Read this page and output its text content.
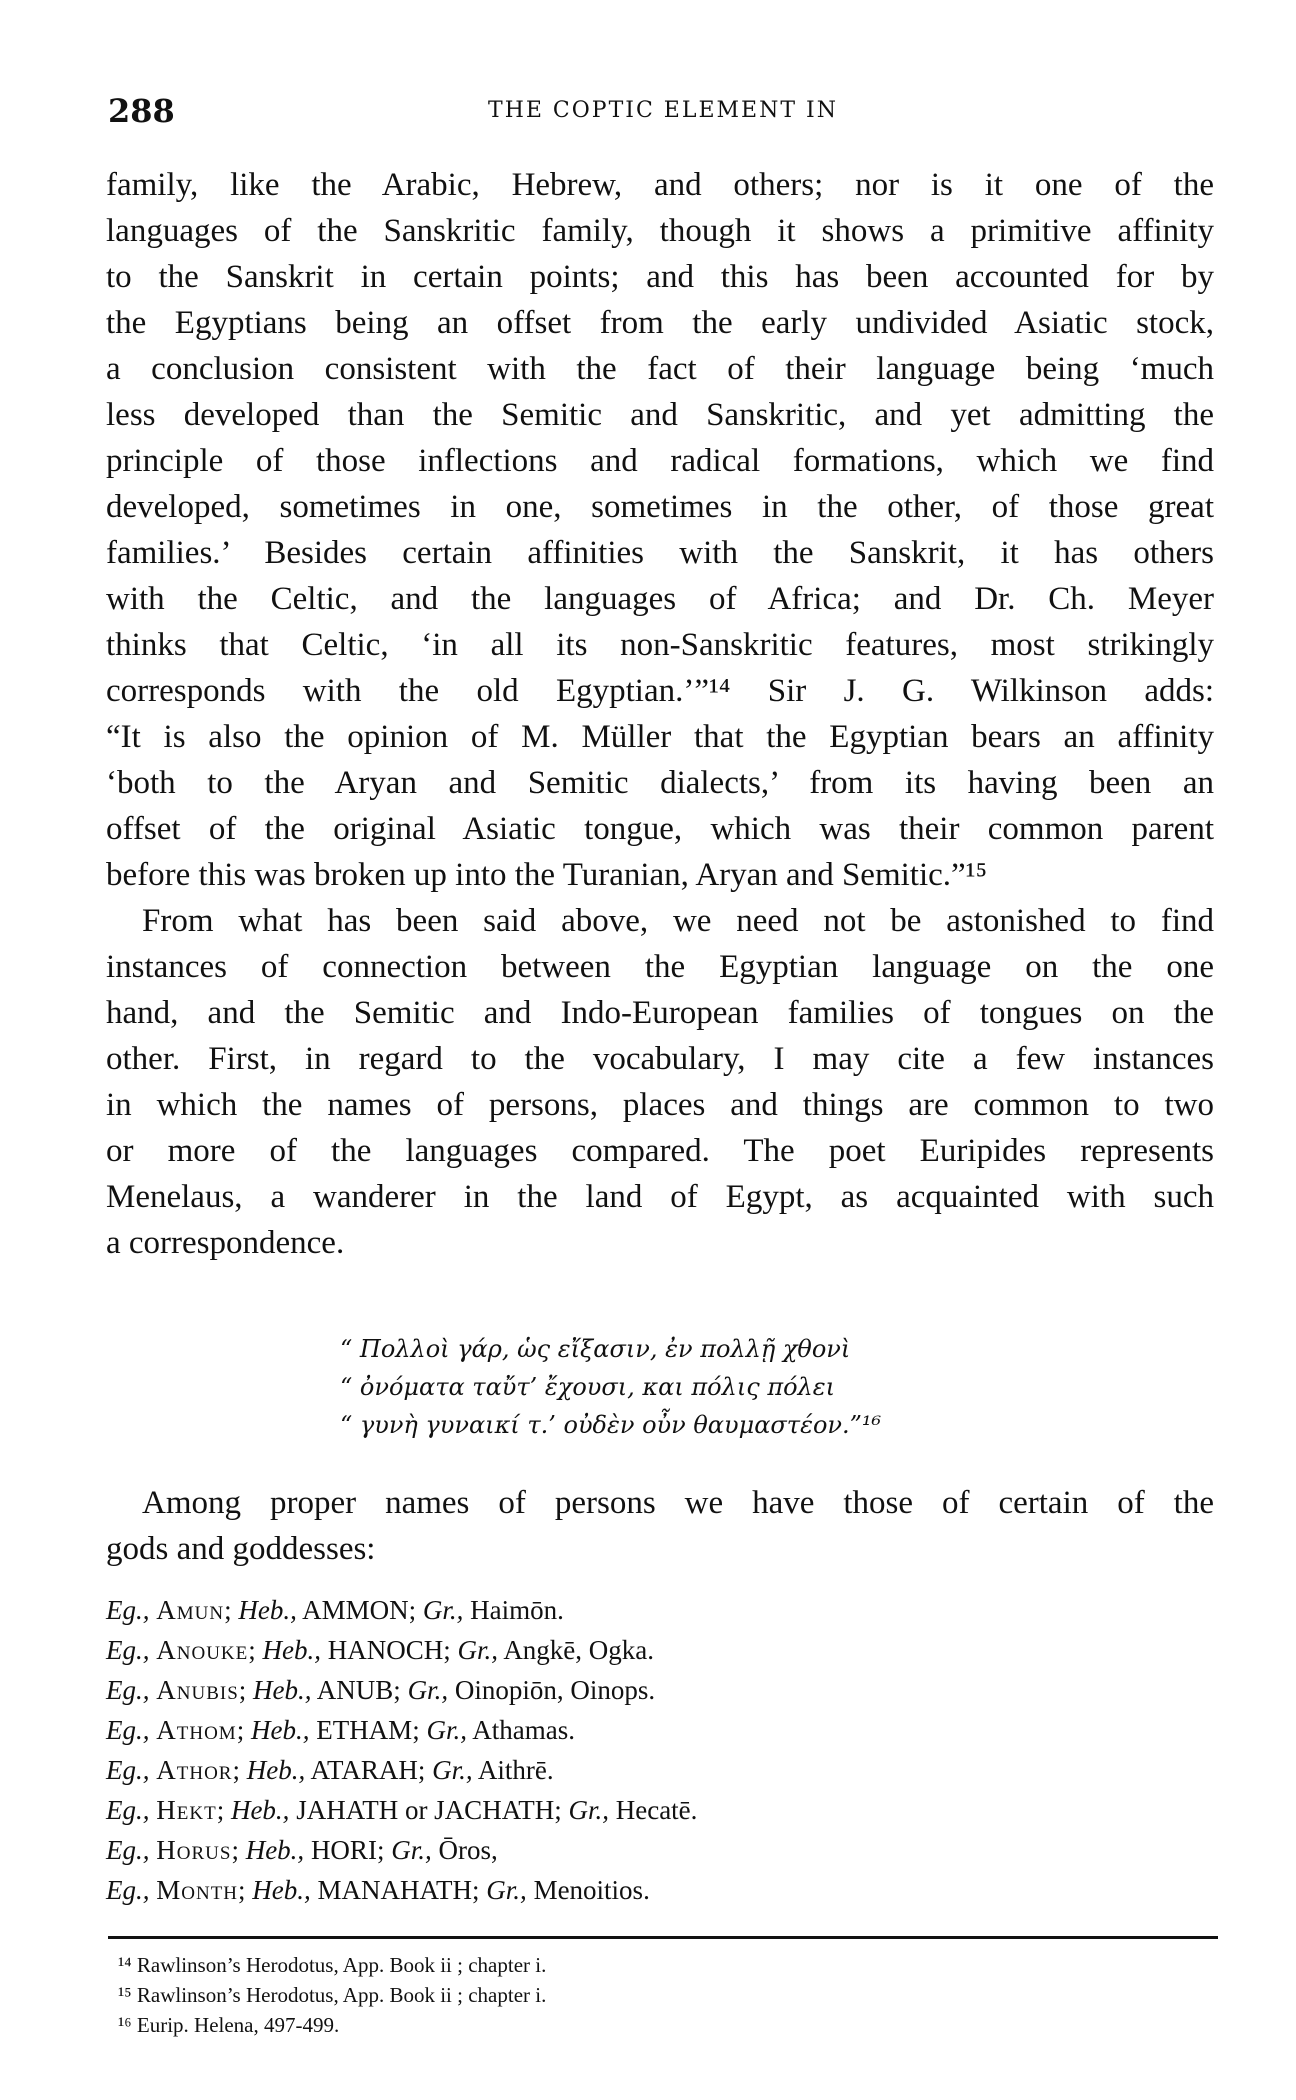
288	THE COPTIC ELEMENT IN
family, like the Arabic, Hebrew, and others; nor is it one of the
languages of the Sanskritic family, though it shows a primitive affinity
to the Sanskrit in certain points; and this has been accounted for by
the Egyptians being an offset from the early undivided Asiatic stock,
a conclusion consistent with the fact of their language being ‘much
less developed than the Semitic and Sanskritic, and yet admitting the
principle of those inflections and radical formations, which we find
developed, sometimes in one, sometimes in the other, of those great
families.’ Besides certain affinities with the Sanskrit, it has others
with the Celtic, and the languages of Africa; and Dr. Ch. Meyer
thinks that Celtic, ‘in all its non-Sanskritic features, most strikingly
corresponds with the old Egyptian.’”¹⁴ Sir J. G. Wilkinson adds:
“It is also the opinion of M. Müller that the Egyptian bears an affinity
‘both to the Aryan and Semitic dialects,’ from its having been an
offset of the original Asiatic tongue, which was their common parent
before this was broken up into the Turanian, Aryan and Semitic.”¹⁵
From what has been said above, we need not be astonished to find
instances of connection between the Egyptian language on the one
hand, and the Semitic and Indo-European families of tongues on the
other. First, in regard to the vocabulary, I may cite a few instances
in which the names of persons, places and things are common to two
or more of the languages compared. The poet Euripides represents
Menelaus, a wanderer in the land of Egypt, as acquainted with such
a correspondence.
“ Πολλοὶ γάρ, ὡς εἴξασιν, ἐν πολλῇ χθονὶ
“ ὀνόματα ταὔτ’ ἔχουσι, και πόλις πόλει
“ γυνὴ γυναικί τ.’ οὐδὲν οὖν θαυμαστέον.”¹⁶
Among proper names of persons we have those of certain of the
gods and goddesses:
Eg., Amun; Heb., AMMON; Gr., Haimōn.
Eg., Anouke; Heb., HANOCH; Gr., Angkē, Ogka.
Eg., Anubis; Heb., ANUB; Gr., Oinopiōn, Oinops.
Eg., Athom; Heb., ETHAM; Gr., Athamas.
Eg., Athor; Heb., ATARAH; Gr., Aithrē.
Eg., Hekt; Heb., JAHATH or JACHATH; Gr., Hecatē.
Eg., Horus; Heb., HORI; Gr., Ōros,
Eg., Month; Heb., MANAHATH; Gr., Menoitios.
¹⁴ Rawlinson’s Herodotus, App. Book ii ; chapter i.
¹⁵ Rawlinson’s Herodotus, App. Book ii ; chapter i.
¹⁶ Eurip. Helena, 497-499.
